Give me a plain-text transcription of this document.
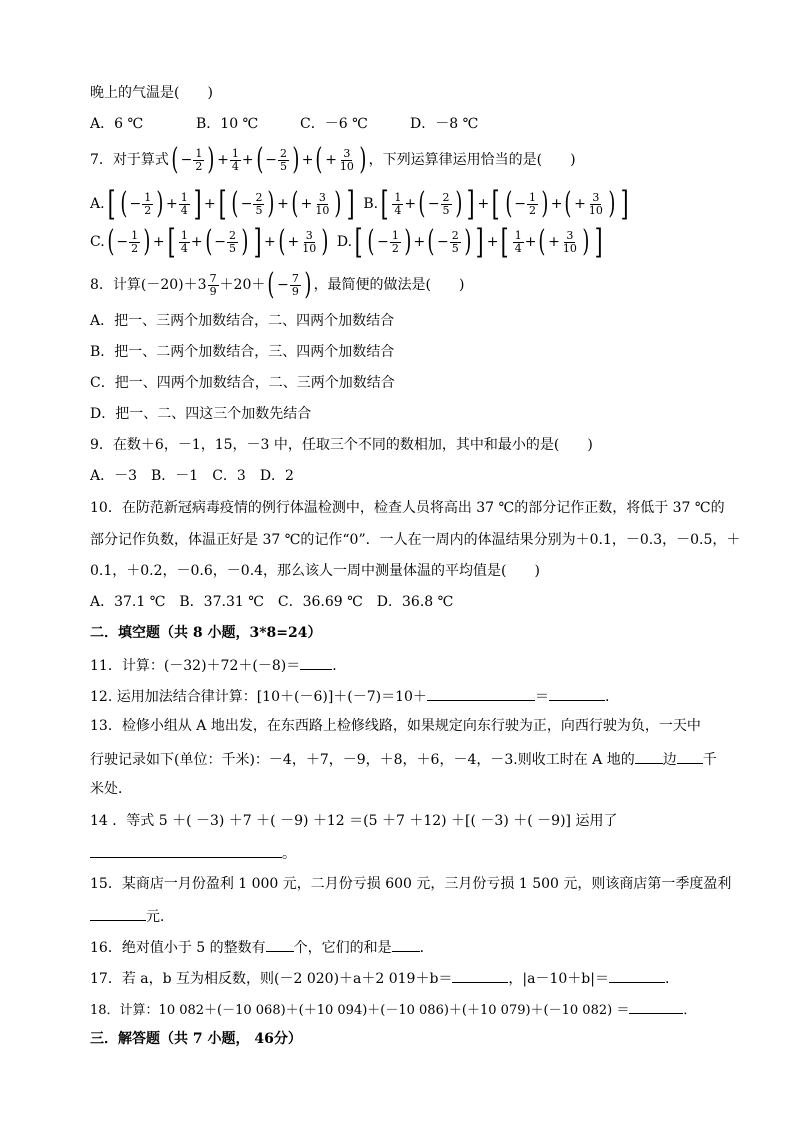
晚上的气温是(　　)
A．6 ℃	B．10 ℃	C．－6 ℃	D．－8 ℃
7．对于算式 ( − $\frac{1}{2}$ ) + $\frac{1}{4}$ + ( − $\frac{2}{5}$ ) + ( + $\frac{3}{10}$ ) ，下列运算律运用恰当的是(　　)
A. [ ( − $\frac{1}{2}$ ) + $\frac{1}{4}$ ] + [ ( − $\frac{2}{5}$ ) + ( + $\frac{3}{10}$ ) ] B. [ $\frac{1}{4}$ + ( − $\frac{2}{5}$ ) ] + [ ( − $\frac{1}{2}$ ) + ( + $\frac{3}{10}$ ) ]
C. ( − $\frac{1}{2}$ ) + [ $\frac{1}{4}$ + ( − $\frac{2}{5}$ ) ] + ( + $\frac{3}{10}$ ) D. [ ( − $\frac{1}{2}$ ) + ( − $\frac{2}{5}$ ) ] + [ $\frac{1}{4}$ + ( + $\frac{3}{10}$ ) ]
8．计算$(-20)+3 \frac{7}{9} +20+$ ( − $\frac{7}{9}$ ) ，最简便的做法是(　　)
A．把一、三两个加数结合，二、四两个加数结合
B．把一、二两个加数结合，三、四两个加数结合
C．把一、四两个加数结合，二、三两个加数结合
D．把一、二、四这三个加数先结合
9．在数＋6，－1，15，－3 中，任取三个不同的数相加，其中和最小的是(　　)
A．－3　B．－1　C．3　D．2
10．在防范新冠病毒疫情的例行体温检测中，检查人员将高出 37 ℃的部分记作正数，将低于 37 ℃的
部分记作负数，体温正好是 37 ℃的记作“0”．一人在一周内的体温结果分别为＋0.1，－0.3，－0.5，＋
0.1，＋0.2，－0.6，－0.4，那么该人一周中测量体温的平均值是(　　)
A．37.1 ℃　B．37.31 ℃　C．36.69 ℃　D．36.8 ℃
二．填空题（共 8 小题，3*8=24）
11．计算：(－32)＋72＋(－8)＝ ．
12. 运用加法结合律计算：[10＋(－6)]＋(－7)＝10＋	＝	.
13．检修小组从 A 地出发，在东西路上检修线路，如果规定向东行驶为正，向西行驶为负，一天中
行驶记录如下(单位：千米)：－4，＋7，－9，＋8，＋6，－4，－3.则收工时在 A 地的 边 千
米处．
14 ．等式 5 ＋( －3) ＋7 ＋( －9) ＋12 ＝(5 ＋7 ＋12) ＋[( －3) ＋( －9)] 运用了
。
15．某商店一月份盈利 1 000 元，二月份亏损 600 元，三月份亏损 1 500 元，则该商店第一季度盈利
元．
16．绝对值小于 5 的整数有 个，它们的和是 ．
17．若 a，b 互为相反数，则(－2 020)＋a＋2 019＋b＝	，|a－10＋b|＝	．
18．计算：10 082＋(－10 068)＋(＋10 094)＋(－10 086)＋(＋10 079)＋(－10 082) ＝	．
三．解答题（共 7 小题， 46分）
